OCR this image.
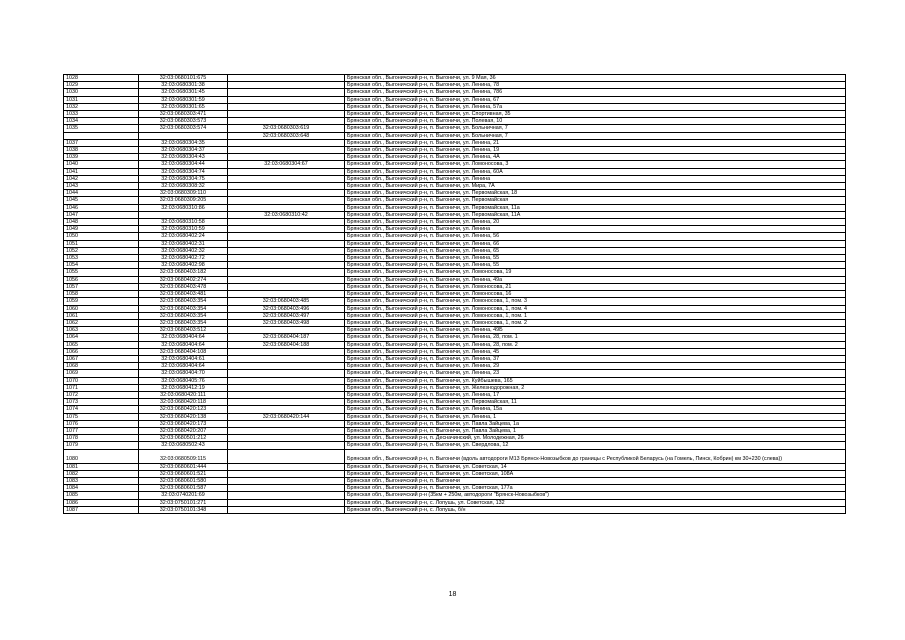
1028	32:03:0680101:675		Брянская обл., Выгоничский р-н, п. Выгоничи, ул. 9 Мая, 36
1029	32:03:0680301:38		Брянская обл., Выгоничский р-н, п. Выгоничи, ул. Ленина, 78
1030	32:03:0680301:45		Брянская обл., Выгоничский р-н, п. Выгоничи, ул. Ленина, 786
1031	32:03:0680301:59		Брянская обл., Выгоничский р-н, п. Выгоничи, ул. Ленина, 67
1032	32:03:0680301:65		Брянская обл., Выгоничский р-н, п. Выгоничи, ул. Ленина, 57а
1033	32:03:0680303:471		Брянская обл., Выгоничский р-н, п. Выгоничи, ул. Спортивная, 35
1034	32:03:0680303:573		Брянская обл., Выгоничский р-н, п. Выгоничи, ул. Полевая, 10
1035	32:03:0680303:574	32:03:0680303:619	Брянская обл., Выгоничский р-н, п. Выгоничи, ул. Больничная, 7
		32:03:0680303:648	Брянская обл., Выгоничский р-н, п. Выгоничи, ул. Больничная, 7
1037	32:03:0680304:35		Брянская обл., Выгоничский р-н, п. Выгоничи, ул. Ленина, 21
1038	32:03:0680304:37		Брянская обл., Выгоничский р-н, п. Выгоничи, ул. Ленина, 19
1039	32:03:0680304:43		Брянская обл., Выгоничский р-н, п. Выгоничи, ул. Ленина, 4А
1040	32:03:0680304:44	32:03:0680304:67	Брянская обл., Выгоничский р-н, п. Выгоничи, ул. Ломоносова, 3
1041	32:03:0680304:74		Брянская обл., Выгоничский р-н, п. Выгоничи, ул. Ленина, 60А
1042	32:03:0680304:75		Брянская обл., Выгоничский р-н, п. Выгоничи, ул. Ленина
1043	32:03:0680308:32		Брянская обл., Выгоничский р-н, п. Выгоничи, ул. Мира, 7А
1044	32:03:0680309:110		Брянская обл., Выгоничский р-н, п. Выгоничи, ул. Первомайская, 18
1045	32:03:0680309:205		Брянская обл., Выгоничский р-н, п. Выгоничи, ул. Первомайская
1046	32:03:0680310:86		Брянская обл., Выгоничский р-н, п. Выгоничи, ул. Первомайская, 11а
1047		32:03:0680310:42	Брянская обл., Выгоничский р-н, п. Выгоничи, ул. Первомайская, 11А
1048	32:03:0680310:58		Брянская обл., Выгоничский р-н, п. Выгоничи, ул. Ленина, 20
1049	32:03:0680310:59		Брянская обл., Выгоничский р-н, п. Выгоничи, ул. Ленина
1050	32:03:0680402:24		Брянская обл., Выгоничский р-н, п. Выгоничи, ул. Ленина, 56
1051	32:03:0680402:31		Брянская обл., Выгоничский р-н, п. Выгоничи, ул. Ленина, 66
1052	32:03:0680402:32		Брянская обл., Выгоничский р-н, п. Выгоничи, ул. Ленина, 65
1053	32:03:0680402:72		Брянская обл., Выгоничский р-н, п. Выгоничи, ул. Ленина, 55
1054	32:03:0680402:98		Брянская обл., Выгоничский р-н, п. Выгоничи, ул. Ленина, 55
1055	32:03:0680403:182		Брянская обл., Выгоничский р-н, п. Выгоничи, ул. Ломоносова, 19
1056	32:03:0680402:274		Брянская обл., Выгоничский р-н, п. Выгоничи, ул. Ленина, 49а
1057	32:03:0680403:478		Брянская обл., Выгоничский р-н, п. Выгоничи, ул. Ломоносова, 21
1058	32:03:0680403:481		Брянская обл., Выгоничский р-н, п. Выгоничи, ул. Ломоносова, 16
1059	32:03:0680403:354	32:03:0680403:485	Брянская обл., Выгоничский р-н, п. Выгоничи, ул. Ломоносова, 1, пом. 3
1060	32:03:0680403:354	32:03:0680403:496	Брянская обл., Выгоничский р-н, п. Выгоничи, ул. Ломоносова, 1, пом. 4
1061	32:03:0680403:354	32:03:0680403:497	Брянская обл., Выгоничский р-н, п. Выгоничи, ул. Ломоносова, 1, пом. 1
1062	32:03:0680403:354	32:03:0680403:498	Брянская обл., Выгоничский р-н, п. Выгоничи, ул. Ломоносова, 1, пом. 2
1063	32:03:0680403:512		Брянская обл., Выгоничский р-н, п. Выгоничи, ул. Ленина, 49Б
1064	32:03:0680404:64	32:03:0680404:187	Брянская обл., Выгоничский р-н, п. Выгоничи, ул. Ленина, 28, пом. 1
1065	32:03:0680404:64	32:03:0680404:188	Брянская обл., Выгоничский р-н, п. Выгоничи, ул. Ленина, 28, пом. 2
1066	32:03:0680404:108		Брянская обл., Выгоничский р-н, п. Выгоничи, ул. Ленина, 45
1067	32:03:0680404:61		Брянская обл., Выгоничский р-н, п. Выгоничи, ул. Ленина, 37
1068	32:03:0680404:64		Брянская обл., Выгоничский р-н, п. Выгоничи, ул. Ленина, 29
1069	32:03:0680404:70		Брянская обл., Выгоничский р-н, п. Выгоничи, ул. Ленина, 23
1070	32:03:0680405:76		Брянская обл., Выгоничский р-н, п. Выгоничи, ул. Куйбышева, 165
1071	32:03:0680412:19		Брянская обл., Выгоничский р-н, п. Выгоничи, ул. Железнодорожная, 2
1072	32:03:0680420:111		Брянская обл., Выгоничский р-н, п. Выгоничи, ул. Ленина, 17
1073	32:03:0680420:118		Брянская обл., Выгоничский р-н, п. Выгоничи, ул. Первомайская, 11
1074	32:03:0680420:123		Брянская обл., Выгоничский р-н, п. Выгоничи, ул. Ленина, 15а
1075	32:03:0680420:138	32:03:0680420:144	Брянская обл., Выгоничский р-н, п. Выгоничи, ул. Ленина, 1
1076	32:03:0680420:173		Брянская обл., Выгоничский р-н, п. Выгоничи, ул. Павла Зайцева, 1а
1077	32:03:0680420:207		Брянская обл., Выгоничский р-н, п. Выгоничи, ул. Павла Зайцева, 1
1078	32:03:0680501:212		Брянская обл., Выгоничский р-н, п. Десначинский, ул. Молодежная, 26
1079	32:03:0680502:43		Брянская обл., Выгоничский р-н, п. Выгоничи, ул. Свердлова, 12
1080	32:03:0680509:115		Брянская обл., Выгоничский р-н, п. Выгоничи (вдоль автодороги М13 Брянск-Новозыбков до границы с Республикой Беларусь (на Гомель, Пинск, Кобрин) км 30+230 (слева))
1081	32:03:0680601:444		Брянская обл., Выгоничский р-н, п. Выгоничи, ул. Советская, 14
1082	32:03:0680601:521		Брянская обл., Выгоничский р-н, п. Выгоничи, ул. Советская, 108А
1083	32:03:0680601:580		Брянская обл., Выгоничский р-н, п. Выгоничи
1084	32:03:0680601:587		Брянская обл., Выгоничский р-н, п. Выгоничи, ул. Советская, 177а
1085	32:03:0740201:69		Брянская обл., Выгоничский р-н (35км + 250м, автодороги "Брянск-Новозыбков")
1086	32:03:0750101:271		Брянская обл., Выгоничский р-н, с. Лопушь, ул. Советская, 132
1087	32:03:0750101:348		Брянская обл., Выгоничский р-н, с. Лопушь, б/н
18
